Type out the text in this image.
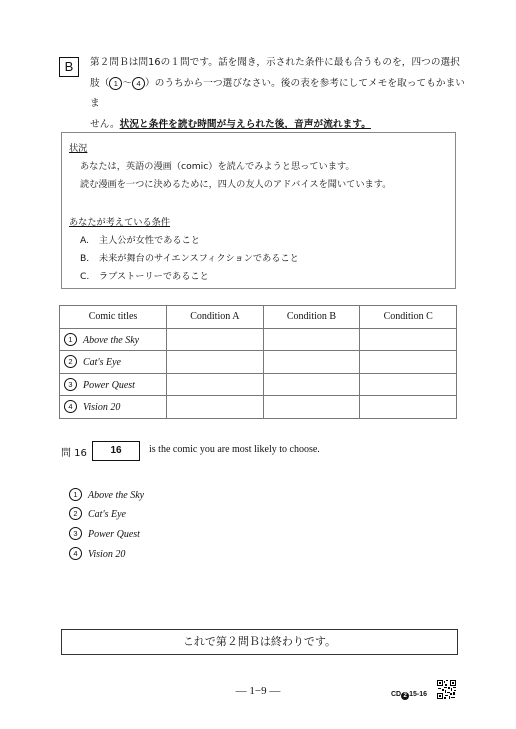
B	第２問Ｂは問16の１問です。話を聞き，示された条件に最も合うものを，四つの選択
肢（ 1 ～ 4 ）のうちから一つ選びなさい。後の表を参考にしてメモを取ってもかまいま
せん。状況と条件を読む時間が与えられた後，音声が流れます。
状況
あなたは，英語の漫画（comic）を読んでみようと思っています。
読む漫画を一つに決めるために，四人の友人のアドバイスを聞いています。
あなたが考えている条件
A. 主人公が女性であること
B. 未来が舞台のサイエンスフィクションであること
C. ラブストーリーであること
Comic titles	Condition A	Condition B	Condition C
1 Above the Sky			
2 Cat's Eye			
3 Power Quest			
4 Vision 20			
問 16	16	is the comic you are most likely to choose.
1 Above the Sky
2 Cat's Eye
3 Power Quest
4 Vision 20
これで第２問Ｂは終わりです。
— 1−9 —	CD 2 15-16
